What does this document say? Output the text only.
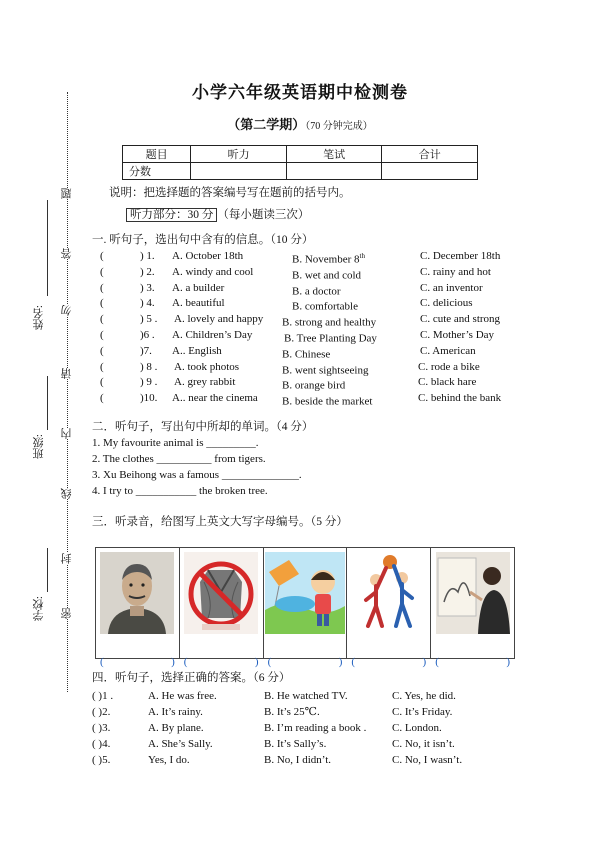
学校:
班级:
姓名:
密
封
线
内
请
勿
答
题
小学六年级英语期中检测卷
（第二学期）（70 分钟完成）
题目	听力	笔试	合计
分数			
说明：把选择题的答案编号写在题前的括号内。
听力部分：30 分 （每小题读三次）
一. 听句子，选出句中含有的信息。（10 分）
(	) 1. A. October 18th	B. November 8th	C. December 18th
(	) 2. A. windy and cool	B. wet and cold	C. rainy and hot
(	) 3. A. a builder	B. a doctor	C. an inventor
(	) 4. A. beautiful	B. comfortable	C. delicious
(	) 5 . A. lovely and happy B. strong and healthy	C. cute and strong
(	)6 . A. Children’s Day	B. Tree Planting Day	C. Mother’s Day
(	)7. A.. English	B. Chinese	C. American
(	) 8 . A. took photos	B. went sightseeing	C. rode a bike
(	) 9 . A. grey rabbit	B. orange bird	C. black hare
(	)10. A.. near the cinema B. beside the market	C. behind the bank
二．听句子，写出句中所却的单词。（4 分）
1. My favourite animal is _________.
2. The clothes __________ from tigers.
3. Xu Beihong was a famous ______________.
4. I try to ___________ the broken tree.
三．听录音，给图写上英文大写字母编号。（5 分）
(	) (	) (	) (	) (	)
四．听句子，选择正确的答案。（6 分）
( )1 .	A. He was free.	B. He watched TV.	C. Yes, he did.
( )2.	A. It’s rainy.	B. It’s 25℃.	C. It’s Friday.
( )3.	A. By plane.	B. I’m reading a book . C. London.
( )4.	A. She’s Sally.	B. It’s Sally’s.	C. No, it isn’t.
( )5.	Yes, I do.	B. No, I didn’t.	C. No, I wasn’t.
